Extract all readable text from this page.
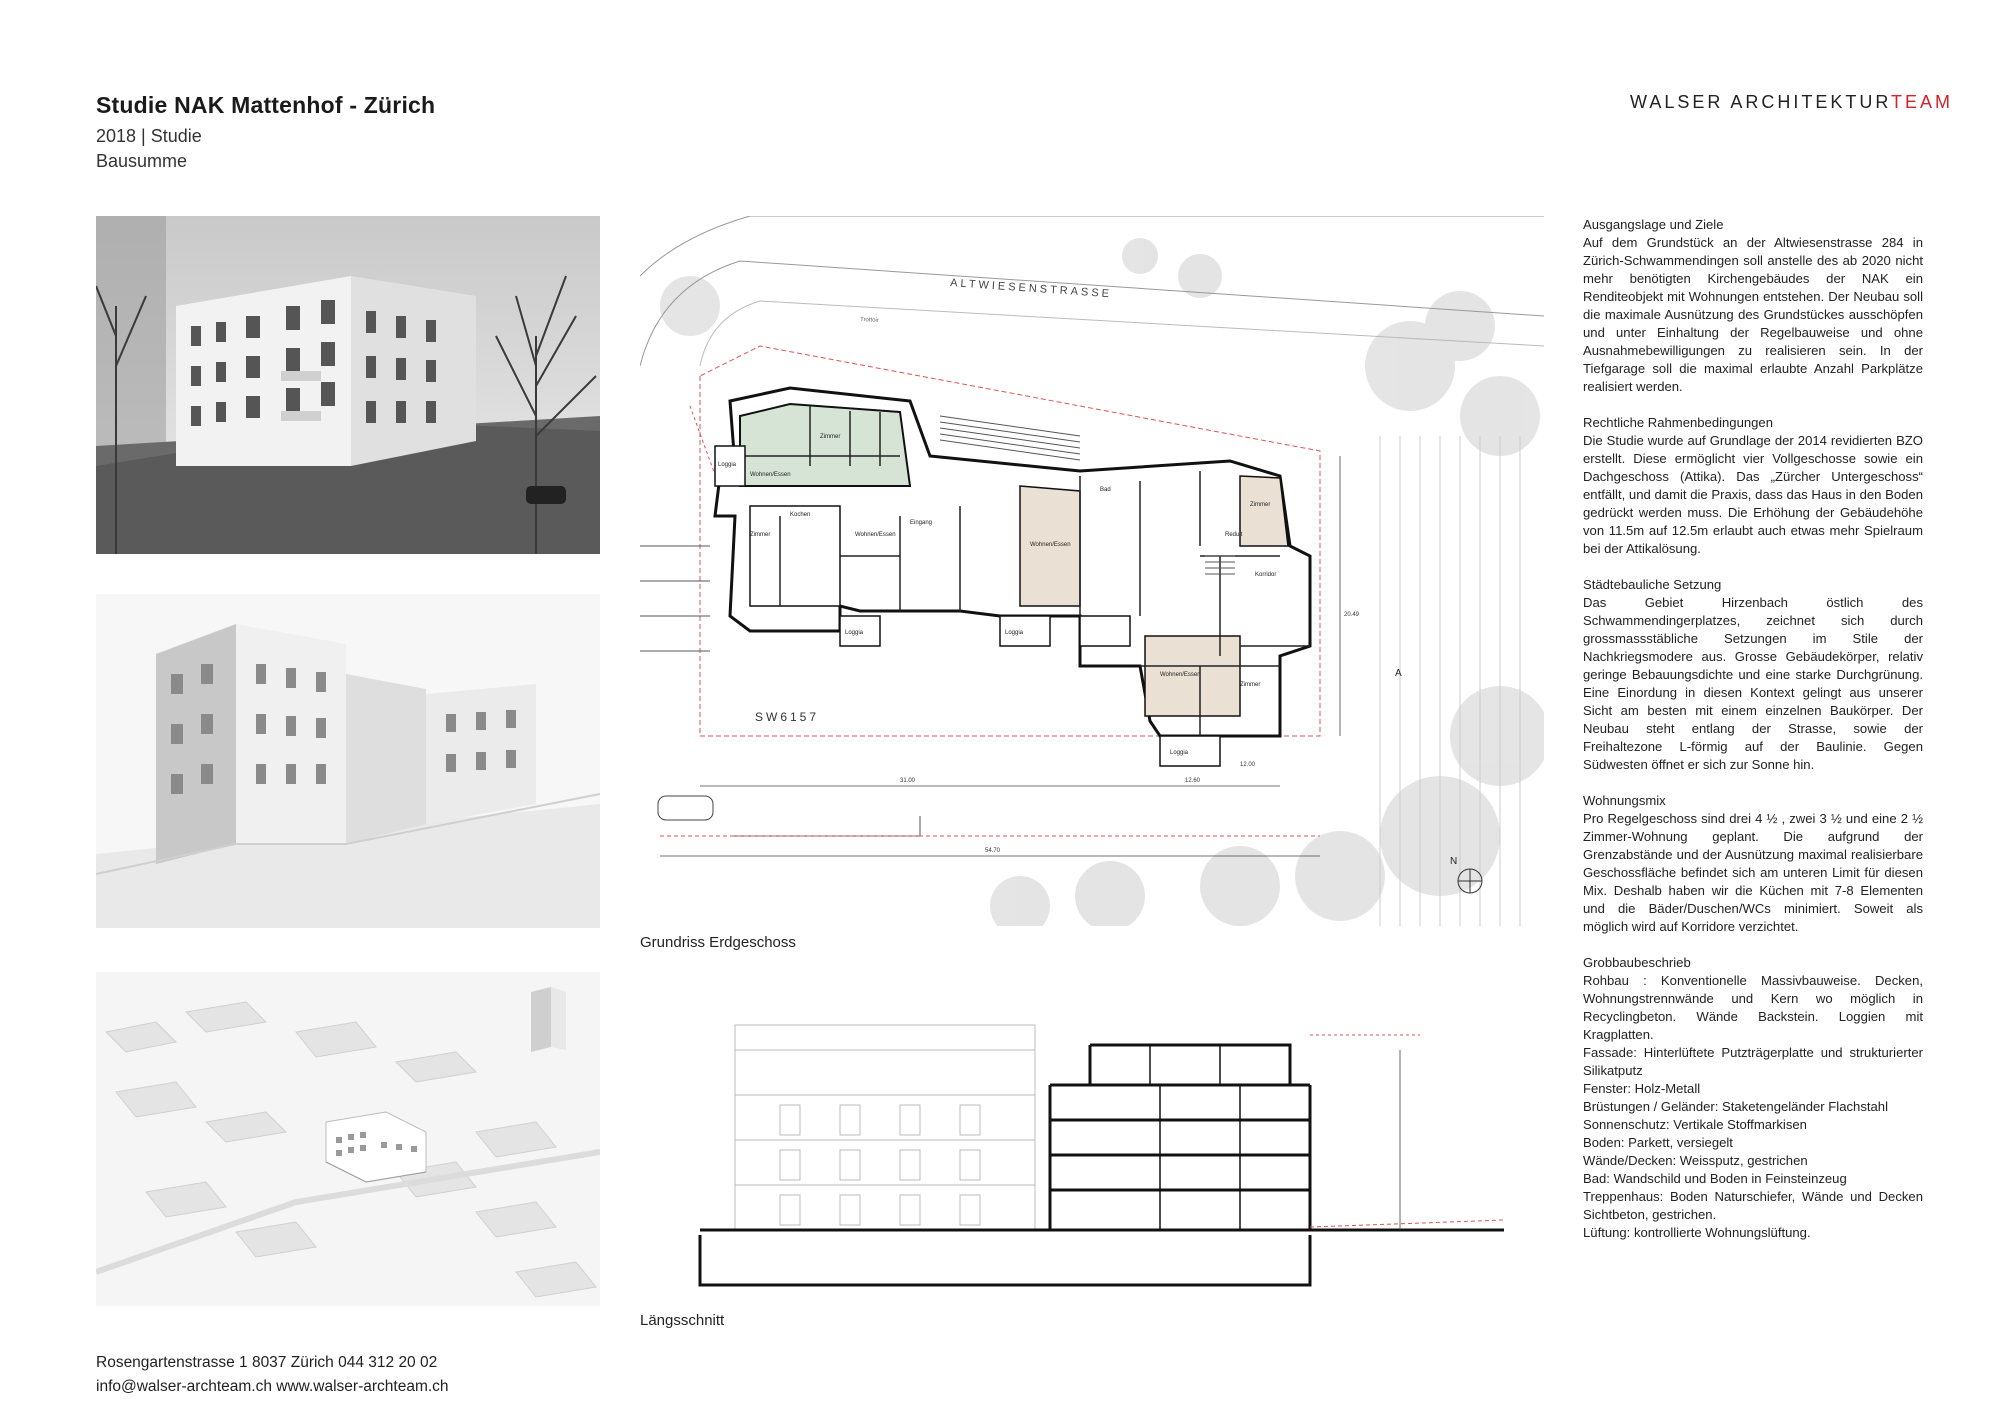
Studie NAK Mattenhof - Zürich
2018 | Studie
Bausumme
WALSER ARCHITEKTURTEAM
ALTWIESENSTRASSE
Trottoir
Zimmer
Wohnen/Essen
Loggia
Wohnen/Essen
Zimmer
Wohnen/Essen
Zimmer
Wohnen/Essen
Zimmer
Loggia	Loggia
Loggia
Bad
Kochen
Reduit
Eingang
Korridor
SW6157
31.00	12.60
54.70
20.49
12.00
N
A
Grundriss Erdgeschoss
Längsschnitt
Ausgangslage und Ziele
Auf dem Grundstück an der Altwiesenstrasse 284 in Zürich-Schwammendingen soll anstelle des ab 2020 nicht mehr benötigten Kirchengebäudes der NAK ein Renditeobjekt mit Wohnungen entstehen. Der Neubau soll die maximale Ausnützung des Grundstückes ausschöpfen und unter Einhaltung der Regelbauweise und ohne Ausnahmebewilligungen zu realisieren sein. In der Tiefgarage soll die maximal erlaubte Anzahl Parkplätze realisiert werden.
Rechtliche Rahmenbedingungen
Die Studie wurde auf Grundlage der 2014 revidierten BZO erstellt. Diese ermöglicht vier Vollgeschosse sowie ein Dachgeschoss (Attika). Das „Zürcher Untergeschoss“ entfällt, und damit die Praxis, dass das Haus in den Boden gedrückt werden muss. Die Erhöhung der Gebäudehöhe von 11.5m auf 12.5m erlaubt auch etwas mehr Spielraum bei der Attikalösung.
Städtebauliche Setzung
Das Gebiet Hirzenbach östlich des Schwammendingerplatzes, zeichnet sich durch grossmassstäbliche Setzungen im Stile der Nachkriegsmodere aus. Grosse Gebäudekörper, relativ geringe Bebauungsdichte und eine starke Durchgrünung. Eine Einordung in diesen Kontext gelingt aus unserer Sicht am besten mit einem einzelnen Baukörper. Der Neubau steht entlang der Strasse, sowie der Freihaltezone L-förmig auf der Baulinie. Gegen Südwesten öffnet er sich zur Sonne hin.
Wohnungsmix
Pro Regelgeschoss sind drei 4 ½ , zwei 3 ½ und eine 2 ½ Zimmer-Wohnung geplant. Die aufgrund der Grenzabstände und der Ausnützung maximal realisierbare Geschossfläche befindet sich am unteren Limit für diesen Mix. Deshalb haben wir die Küchen mit 7-8 Elementen und die Bäder/Duschen/WCs minimiert. Soweit als möglich wird auf Korridore verzichtet.
Grobbaubeschrieb
Rohbau : Konventionelle Massivbauweise. Decken, Wohnungstrennwände und Kern wo möglich in Recyclingbeton. Wände Backstein. Loggien mit Kragplatten.
Fassade: Hinterlüftete Putzträgerplatte und strukturierter Silikatputz
Fenster: Holz-Metall
Brüstungen / Geländer: Staketengeländer Flachstahl
Sonnenschutz: Vertikale Stoffmarkisen
Boden: Parkett, versiegelt
Wände/Decken: Weissputz, gestrichen
Bad: Wandschild und Boden in Feinsteinzeug
Treppenhaus: Boden Naturschiefer, Wände und Decken Sichtbeton, gestrichen.
Lüftung: kontrollierte Wohnungslüftung.
Rosengartenstrasse 1 8037 Zürich 044 312 20 02
info@walser-archteam.ch www.walser-archteam.ch
